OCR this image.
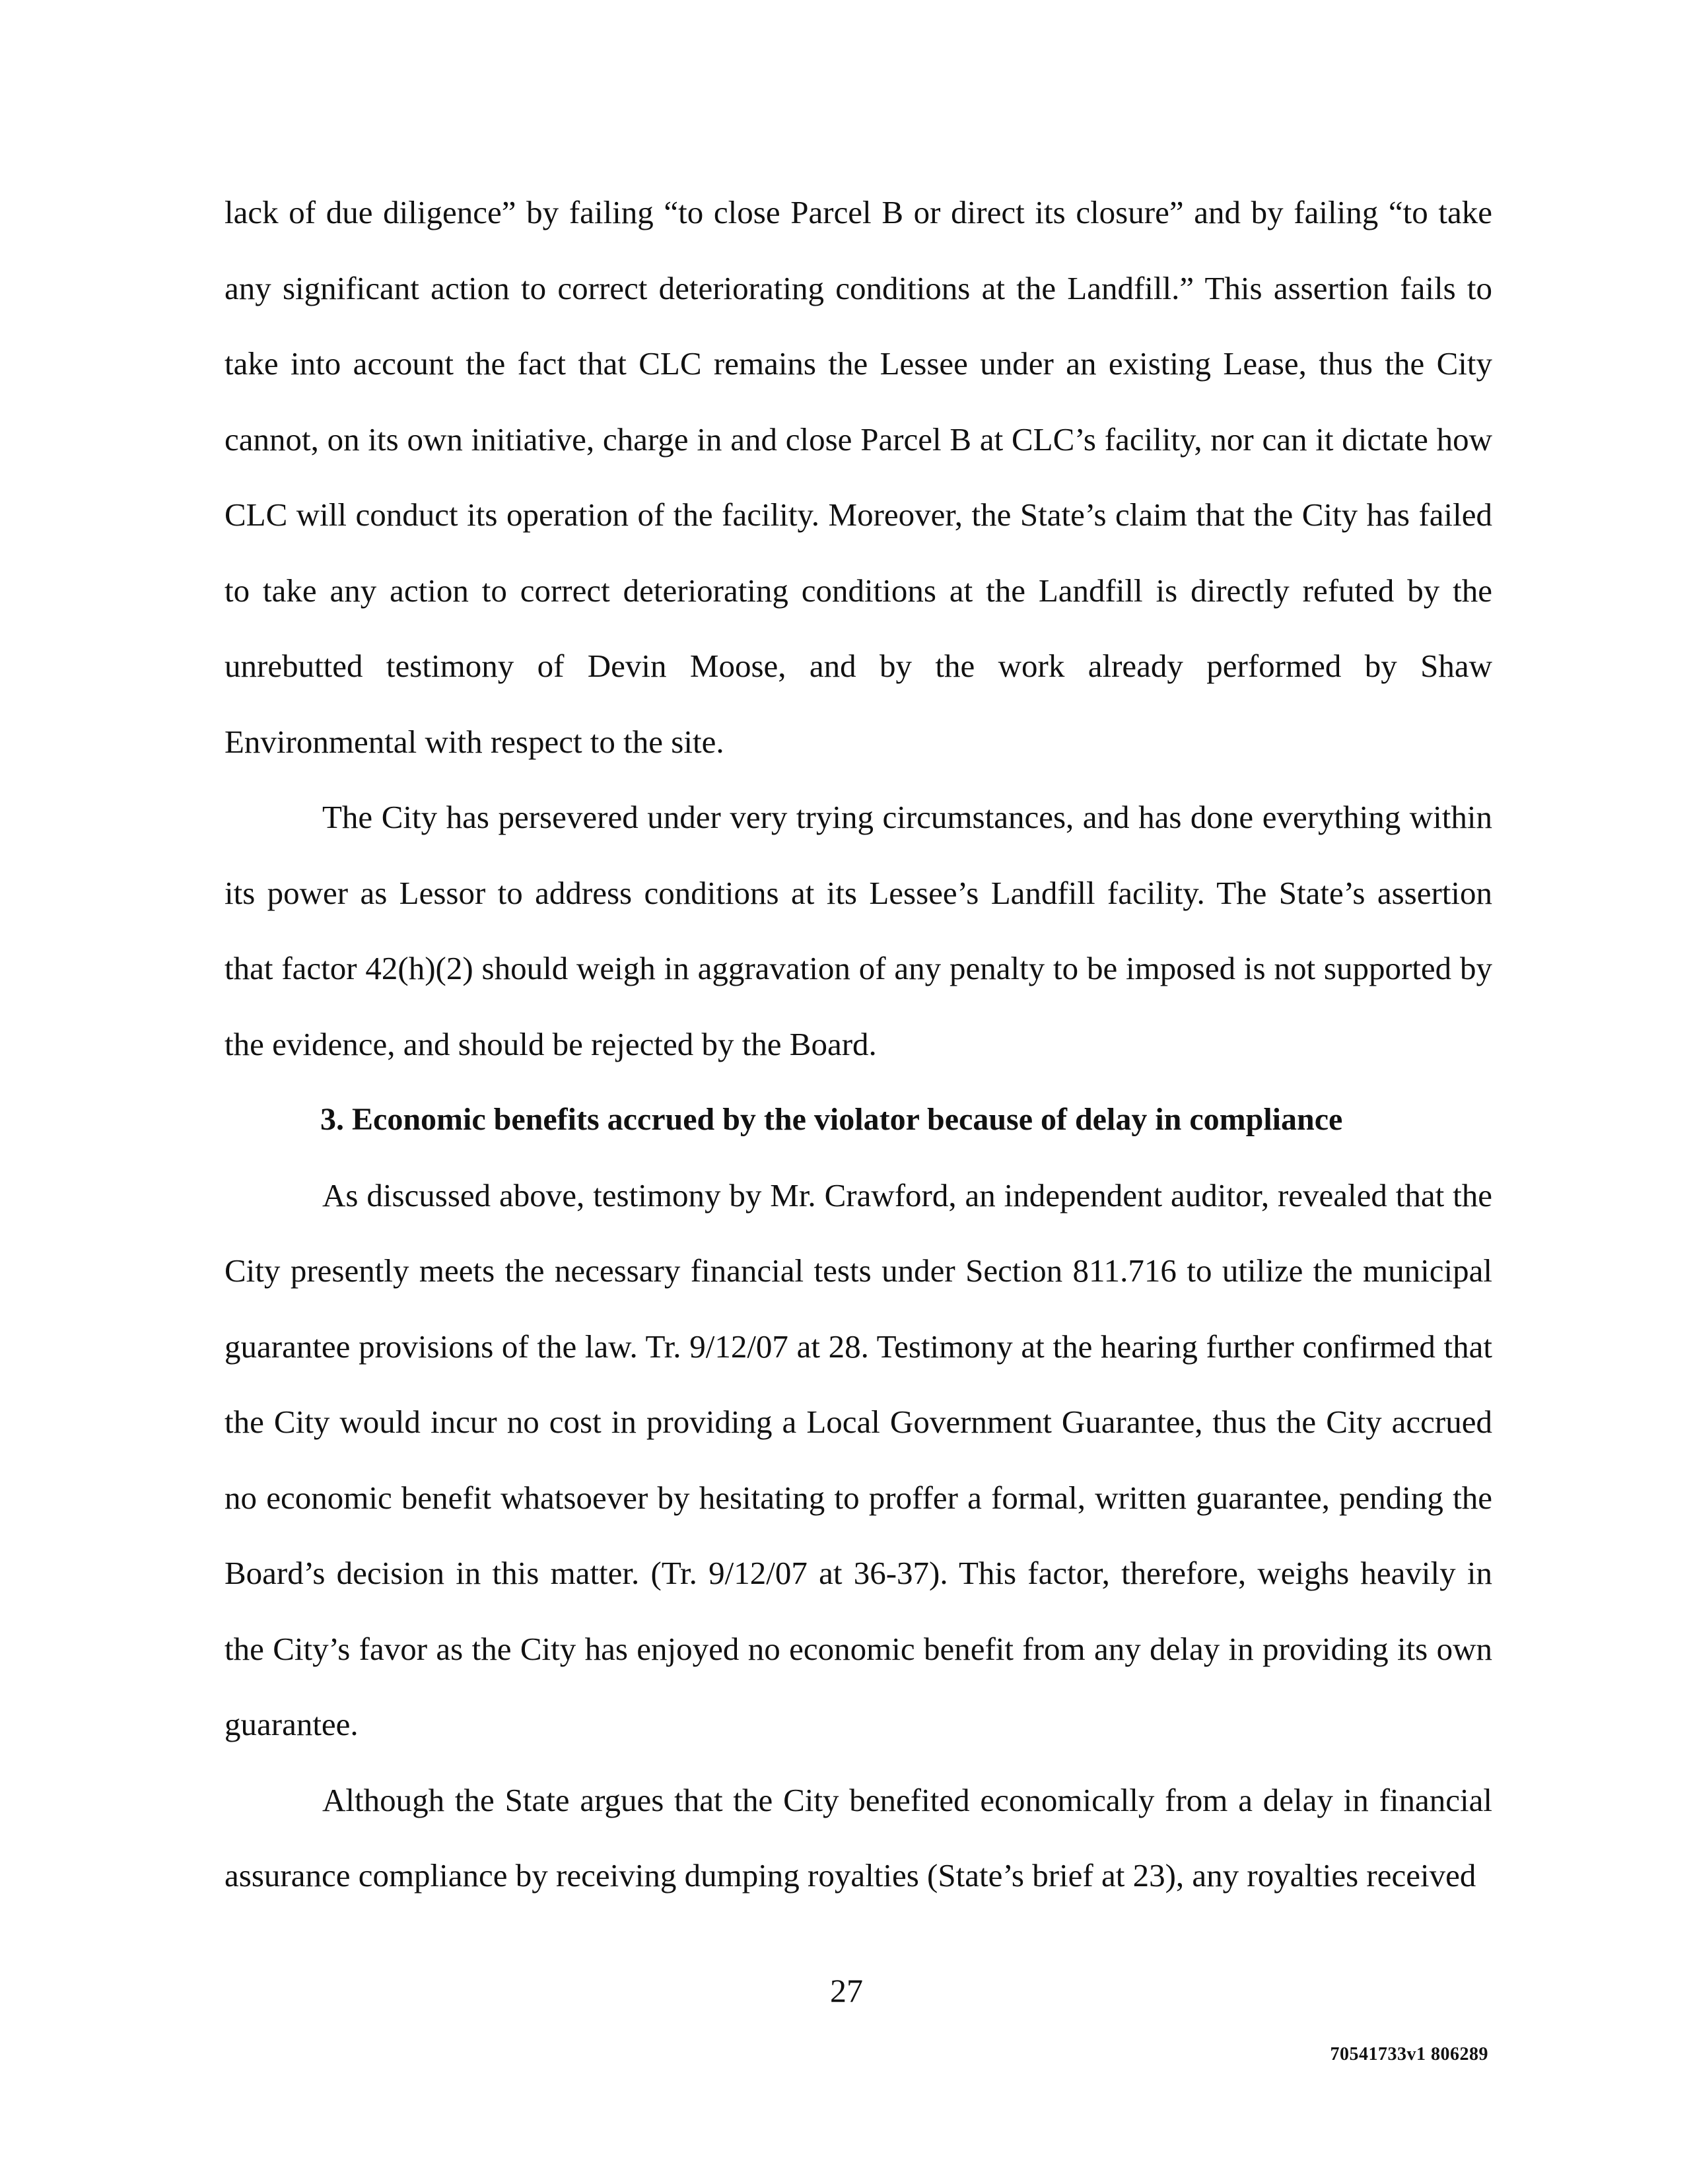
lack of due diligence” by failing “to close Parcel B or direct its closure” and by failing “to take any significant action to correct deteriorating conditions at the Landfill.” This assertion fails to take into account the fact that CLC remains the Lessee under an existing Lease, thus the City cannot, on its own initiative, charge in and close Parcel B at CLC’s facility, nor can it dictate how CLC will conduct its operation of the facility. Moreover, the State’s claim that the City has failed to take any action to correct deteriorating conditions at the Landfill is directly refuted by the unrebutted testimony of Devin Moose, and by the work already performed by Shaw Environmental with respect to the site.

The City has persevered under very trying circumstances, and has done everything within its power as Lessor to address conditions at its Lessee’s Landfill facility. The State’s assertion that factor 42(h)(2) should weigh in aggravation of any penalty to be imposed is not supported by the evidence, and should be rejected by the Board.

3. Economic benefits accrued by the violator because of delay in compliance

As discussed above, testimony by Mr. Crawford, an independent auditor, revealed that the City presently meets the necessary financial tests under Section 811.716 to utilize the municipal guarantee provisions of the law. Tr. 9/12/07 at 28. Testimony at the hearing further confirmed that the City would incur no cost in providing a Local Government Guarantee, thus the City accrued no economic benefit whatsoever by hesitating to proffer a formal, written guarantee, pending the Board’s decision in this matter. (Tr. 9/12/07 at 36-37). This factor, therefore, weighs heavily in the City’s favor as the City has enjoyed no economic benefit from any delay in providing its own guarantee.

Although the State argues that the City benefited economically from a delay in financial assurance compliance by receiving dumping royalties (State’s brief at 23), any royalties received

27
70541733v1 806289
